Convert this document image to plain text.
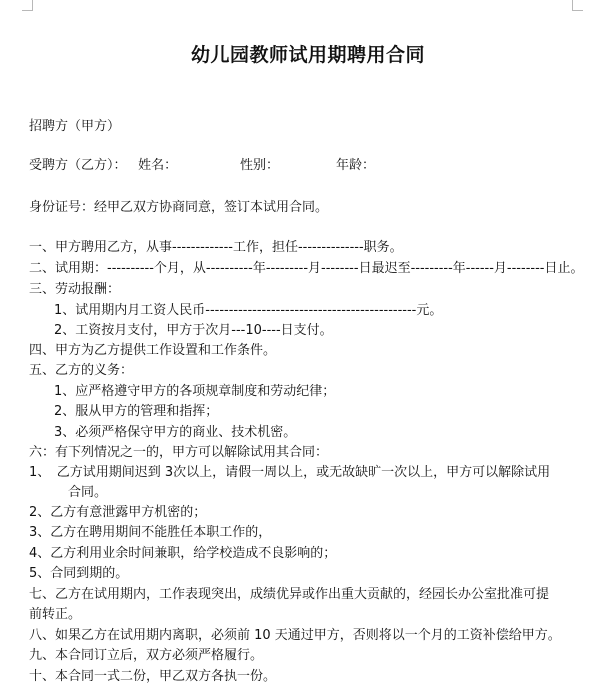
幼儿园教师试用期聘用合同
招聘方（甲方）
受聘方（乙方）： 姓名：	性别：	年龄：
身份证号：经甲乙双方协商同意，签订本试用合同。
一、甲方聘用乙方，从事-------------工作，担任--------------职务。
二、试用期：----------个月，从----------年---------月--------日最迟至---------年------月--------日止。
三、劳动报酬：
1、试用期内月工资人民币---------------------------------------------元。
2、工资按月支付，甲方于次月---10----日支付。
四、甲方为乙方提供工作设置和工作条件。
五、乙方的义务：
1、应严格遵守甲方的各项规章制度和劳动纪律；
2、服从甲方的管理和指挥；
3、必须严格保守甲方的商业、技术机密。
六：有下列情况之一的，甲方可以解除试用其合同：
1、　乙方试用期间迟到 3次以上，请假一周以上，或无故缺旷一次以上，甲方可以解除试用
合同。
2、乙方有意泄露甲方机密的；
3、乙方在聘用期间不能胜任本职工作的，
4、乙方利用业余时间兼职，给学校造成不良影响的；
5、合同到期的。
七、乙方在试用期内，工作表现突出，成绩优异或作出重大贡献的，经园长办公室批准可提
前转正。
八、如果乙方在试用期内离职，必须前 10 天通过甲方，否则将以一个月的工资补偿给甲方。
九、本合同订立后，双方必须严格履行。
十、本合同一式二份，甲乙双方各执一份。
